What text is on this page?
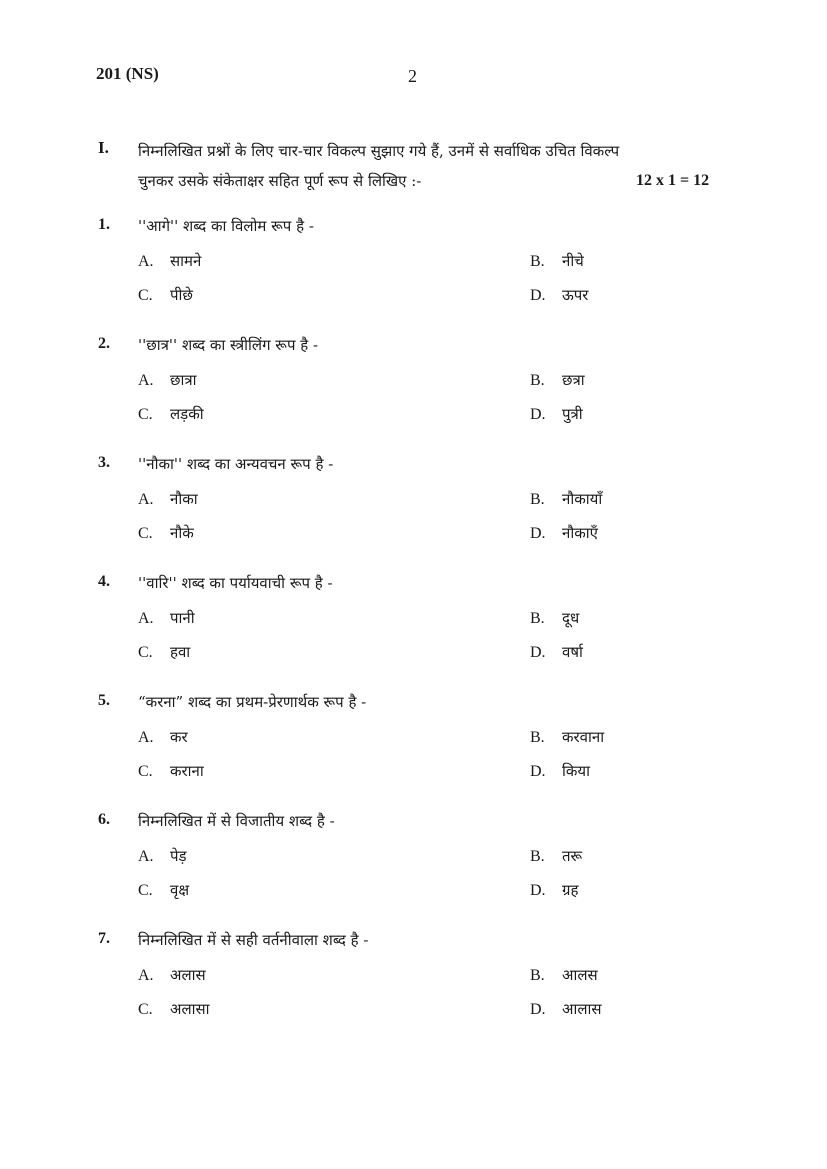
201 (NS)	2
I. निम्नलिखित प्रश्नों के लिए चार-चार विकल्प सुझाए गये हैं, उनमें से सर्वाधिक उचित विकल्प
चुनकर उसके संकेताक्षर सहित पूर्ण रूप से लिखिए :-	12 x 1 = 12
1. ''आगे'' शब्द का विलोम रूप है -
A. सामने	B. नीचे
C. पीछे	D. ऊपर
2. ''छात्र'' शब्द का स्त्रीलिंग रूप है -
A. छात्रा	B. छत्रा
C. लड़की	D. पुत्री
3. ''नौका'' शब्द का अन्यवचन रूप है -
A. नौका	B. नौकायाँ
C. नौके	D. नौकाएँ
4. ''वारि'' शब्द का पर्यायवाची रूप है -
A. पानी	B. दूध
C. हवा	D. वर्षा
5. “करना” शब्द का प्रथम-प्रेरणार्थक रूप है -
A. कर	B. करवाना
C. कराना	D. किया
6. निम्नलिखित में से विजातीय शब्द है -
A. पेड़	B. तरू
C. वृक्ष	D. ग्रह
7. निम्नलिखित में से सही वर्तनीवाला शब्द है -
A. अलास	B. आलस
C. अलासा	D. आलास
